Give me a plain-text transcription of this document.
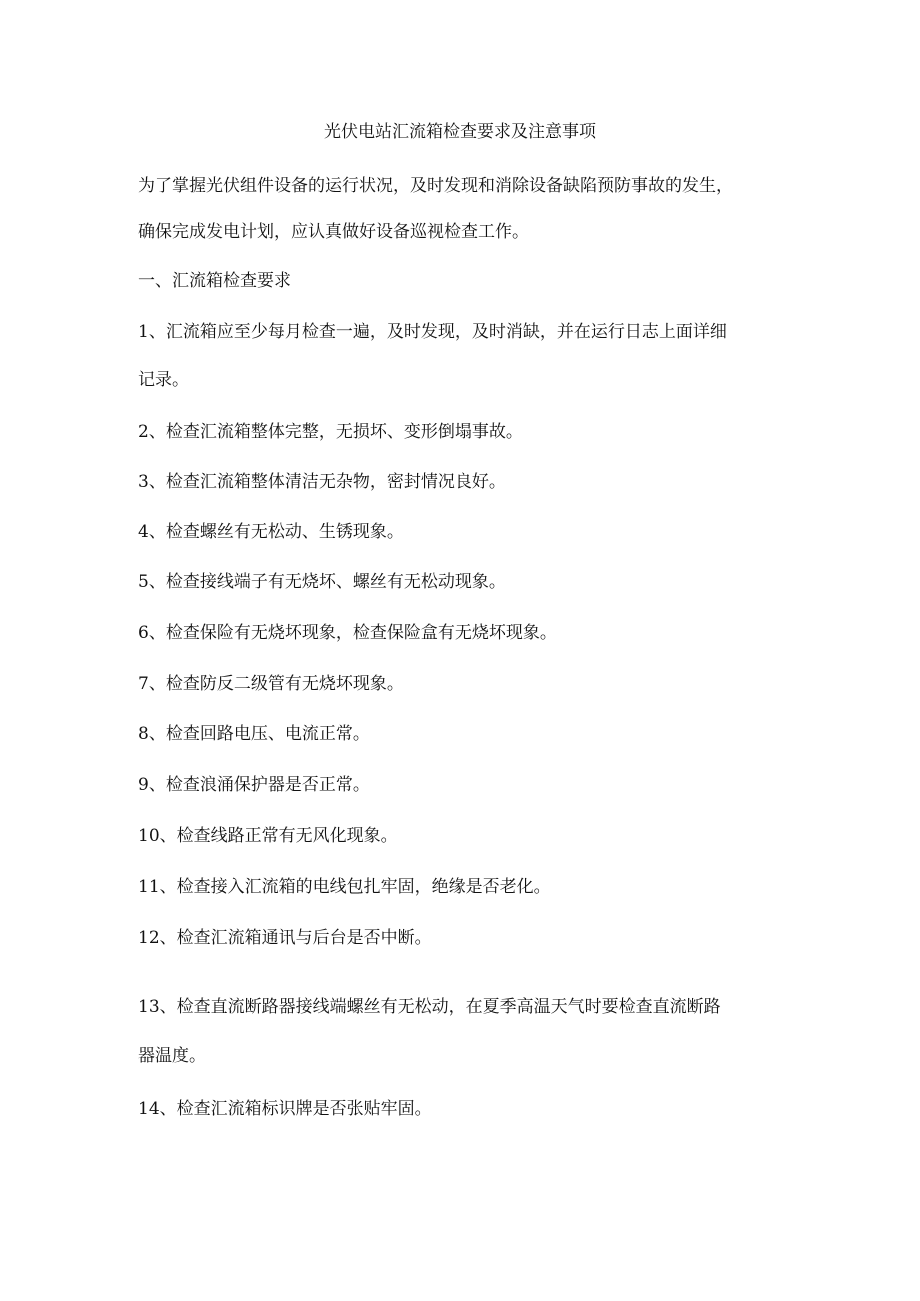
光伏电站汇流箱检查要求及注意事项
为了掌握光伏组件设备的运行状况，及时发现和消除设备缺陷预防事故的发生，
确保完成发电计划，应认真做好设备巡视检查工作。
一、汇流箱检查要求
1、汇流箱应至少每月检查一遍，及时发现，及时消缺，并在运行日志上面详细
记录。
2、检查汇流箱整体完整，无损坏、变形倒塌事故。
3、检查汇流箱整体清洁无杂物，密封情况良好。
4、检查螺丝有无松动、生锈现象。
5、检查接线端子有无烧坏、螺丝有无松动现象。
6、检查保险有无烧坏现象，检查保险盒有无烧坏现象。
7、检查防反二级管有无烧坏现象。
8、检查回路电压、电流正常。
9、检查浪涌保护器是否正常。
10、检查线路正常有无风化现象。
11、检查接入汇流箱的电线包扎牢固，绝缘是否老化。
12、检查汇流箱通讯与后台是否中断。
13、检查直流断路器接线端螺丝有无松动，在夏季高温天气时要检查直流断路
器温度。
14、检查汇流箱标识牌是否张贴牢固。
